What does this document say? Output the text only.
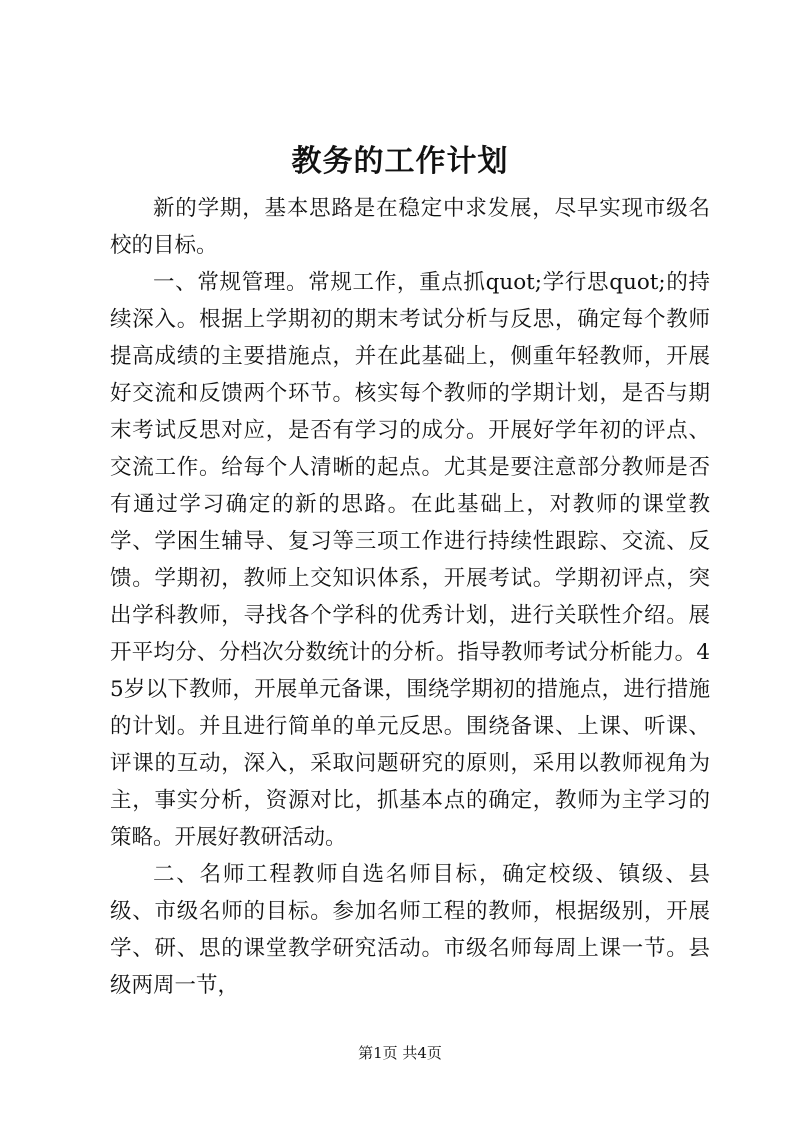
教务的工作计划

新的学期，基本思路是在稳定中求发展，尽早实现市级名校的目标。

一、常规管理。常规工作，重点抓quot;学行思quot;的持续深入。根据上学期初的期末考试分析与反思，确定每个教师提高成绩的主要措施点，并在此基础上，侧重年轻教师，开展好交流和反馈两个环节。核实每个教师的学期计划，是否与期末考试反思对应，是否有学习的成分。开展好学年初的评点、交流工作。给每个人清晰的起点。尤其是要注意部分教师是否有通过学习确定的新的思路。在此基础上，对教师的课堂教学、学困生辅导、复习等三项工作进行持续性跟踪、交流、反馈。学期初，教师上交知识体系，开展考试。学期初评点，突出学科教师，寻找各个学科的优秀计划，进行关联性介绍。展开平均分、分档次分数统计的分析。指导教师考试分析能力。45岁以下教师，开展单元备课，围绕学期初的措施点，进行措施的计划。并且进行简单的单元反思。围绕备课、上课、听课、评课的互动，深入，采取问题研究的原则，采用以教师视角为主，事实分析，资源对比，抓基本点的确定，教师为主学习的策略。开展好教研活动。

二、名师工程教师自选名师目标，确定校级、镇级、县级、市级名师的目标。参加名师工程的教师，根据级别，开展学、研、思的课堂教学研究活动。市级名师每周上课一节。县级两周一节，

第1页 共4页
